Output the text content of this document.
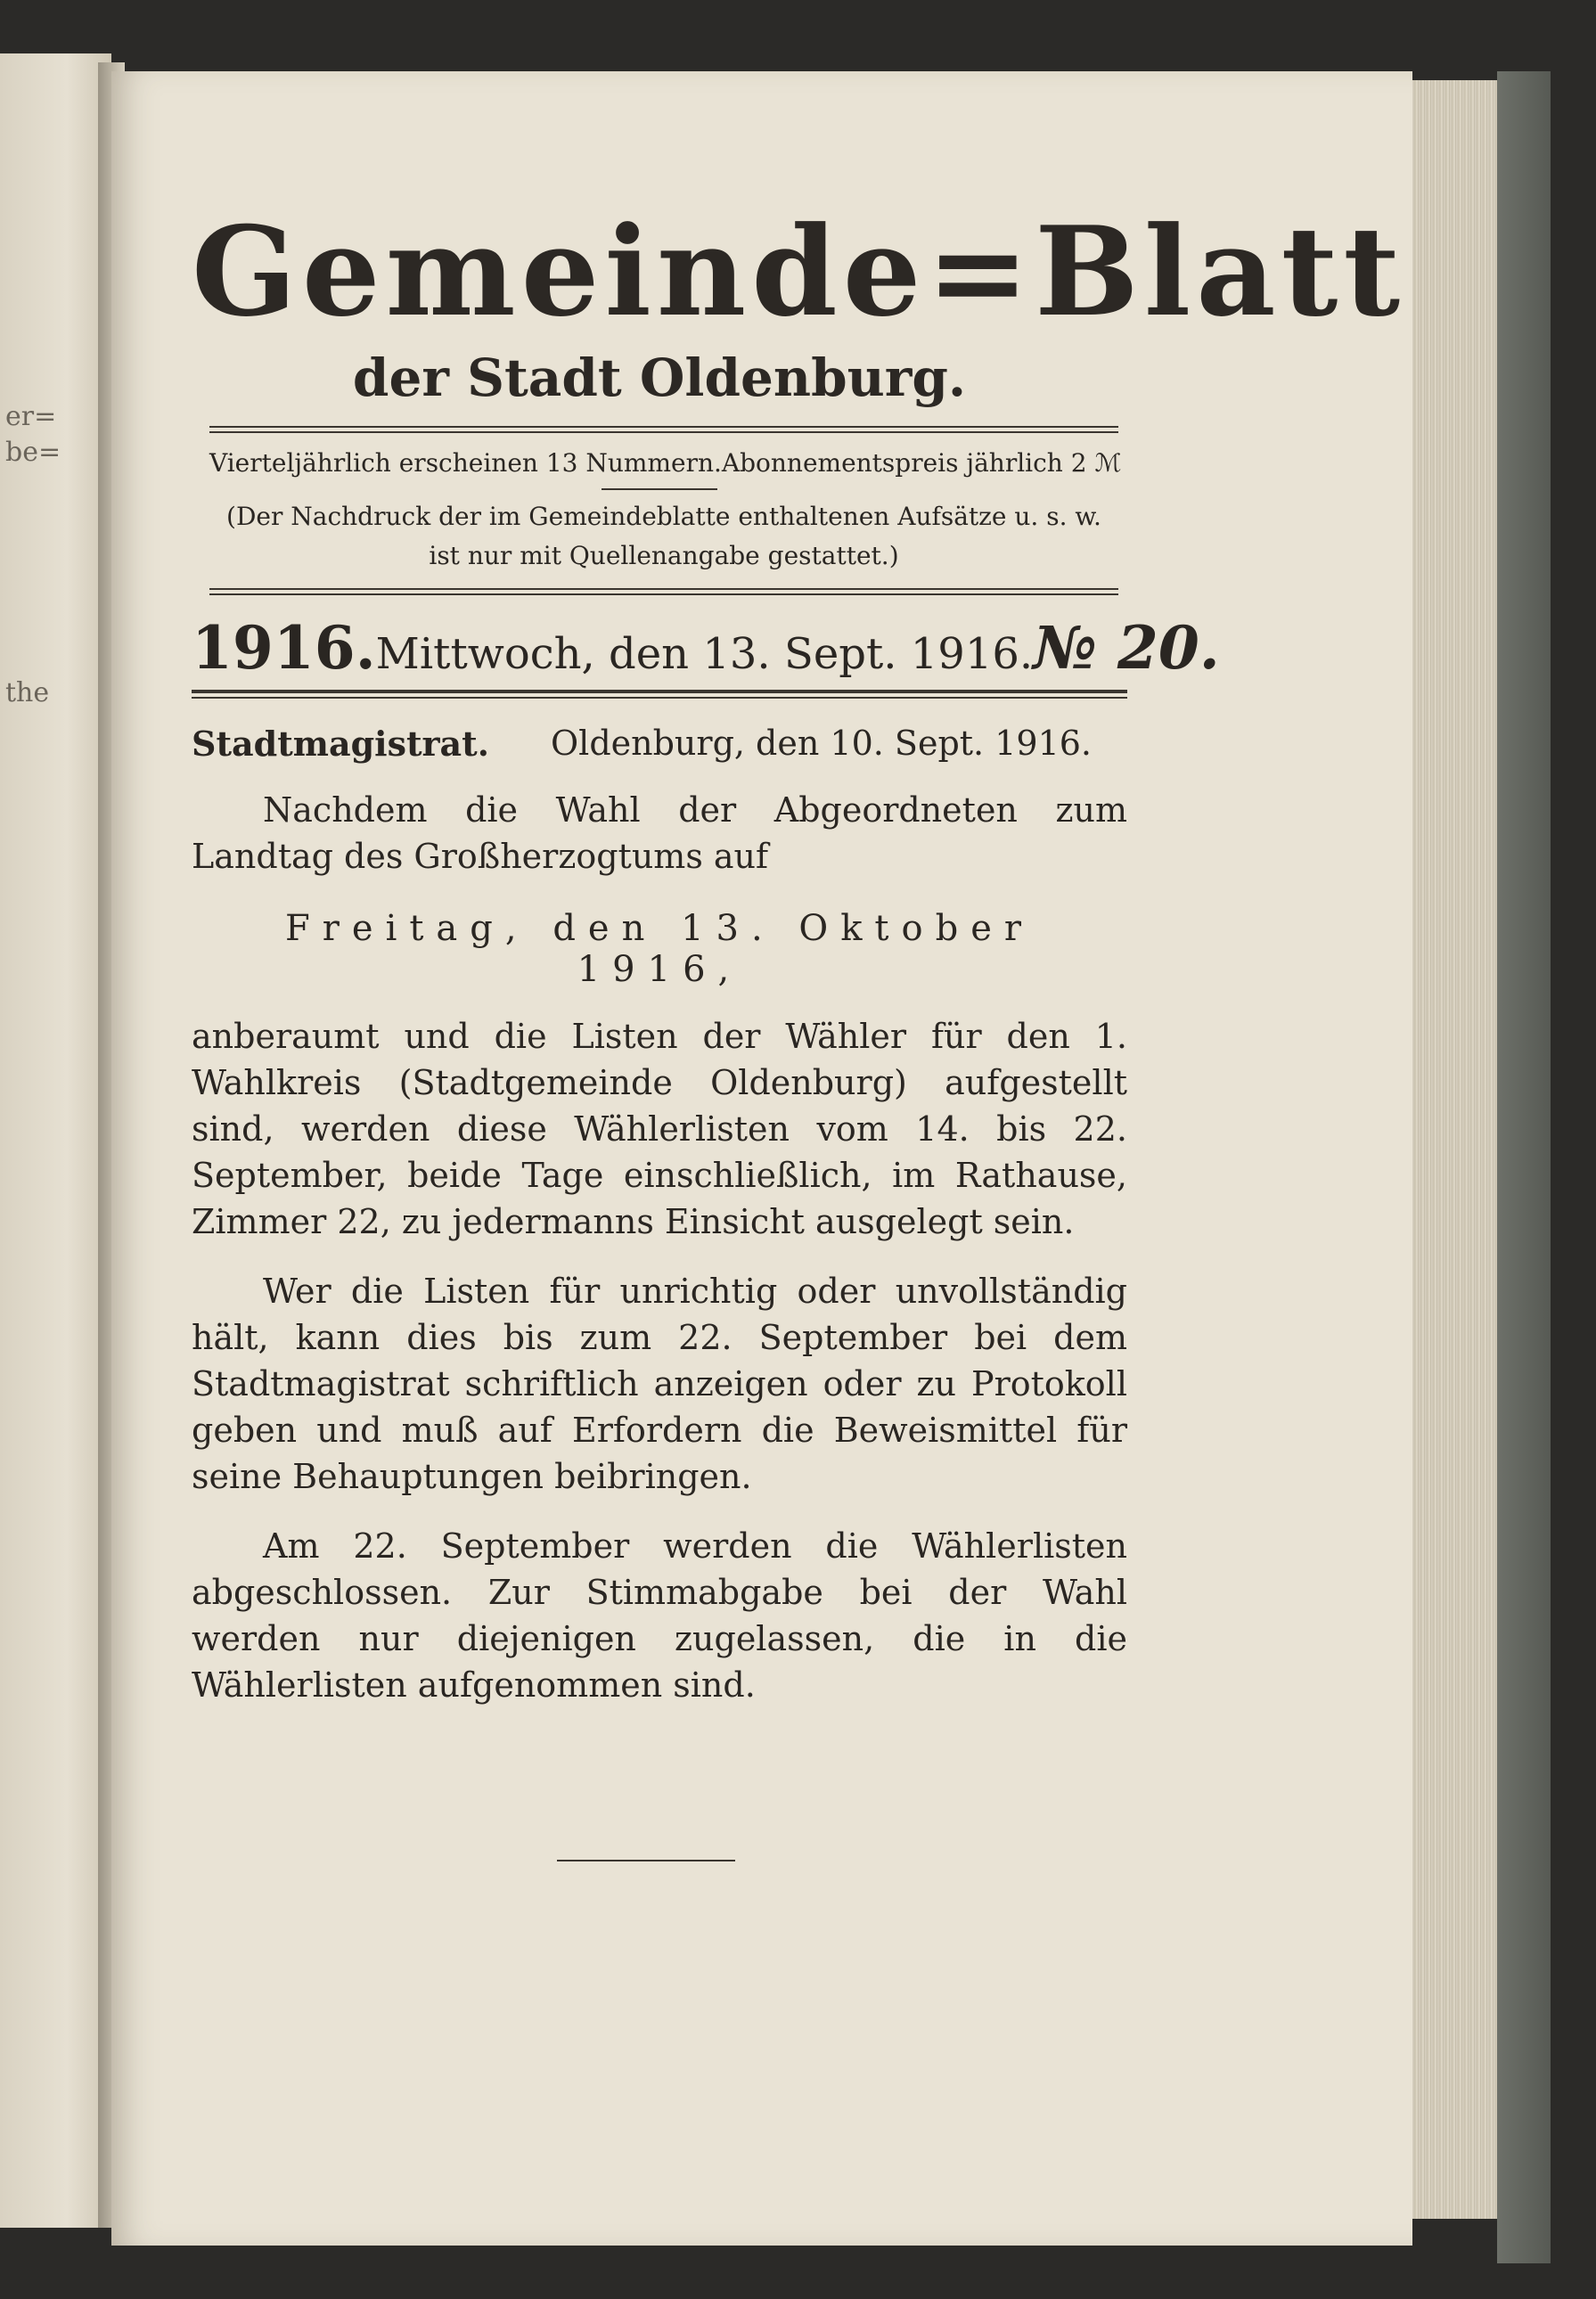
er=
be=
the
Gemeinde=Blatt
der Stadt Oldenburg.
Vierteljährlich erscheinen 13 Nummern. Abonnementspreis jährlich 2 ℳ
(Der Nachdruck der im Gemeindeblatte enthaltenen Aufsätze u. s. w. ist nur mit Quellenangabe gestattet.)
1916. Mittwoch, den 13. Sept. 1916. № 20.
Stadtmagistrat. Oldenburg, den 10. Sept. 1916.

Nachdem die Wahl der Abgeordneten zum Landtag des Großherzogtums auf

Freitag, den 13. Oktober 1916,

anberaumt und die Listen der Wähler für den 1. Wahlkreis (Stadtgemeinde Oldenburg) aufgestellt sind, werden diese Wählerlisten vom 14. bis 22. September, beide Tage einschließlich, im Rathause, Zimmer 22, zu jedermanns Einsicht ausgelegt sein.

Wer die Listen für unrichtig oder unvollständig hält, kann dies bis zum 22. September bei dem Stadtmagistrat schriftlich anzeigen oder zu Protokoll geben und muß auf Erfordern die Beweismittel für seine Behauptungen beibringen.

Am 22. September werden die Wählerlisten abgeschlossen. Zur Stimmabgabe bei der Wahl werden nur diejenigen zugelassen, die in die Wählerlisten aufgenommen sind.
